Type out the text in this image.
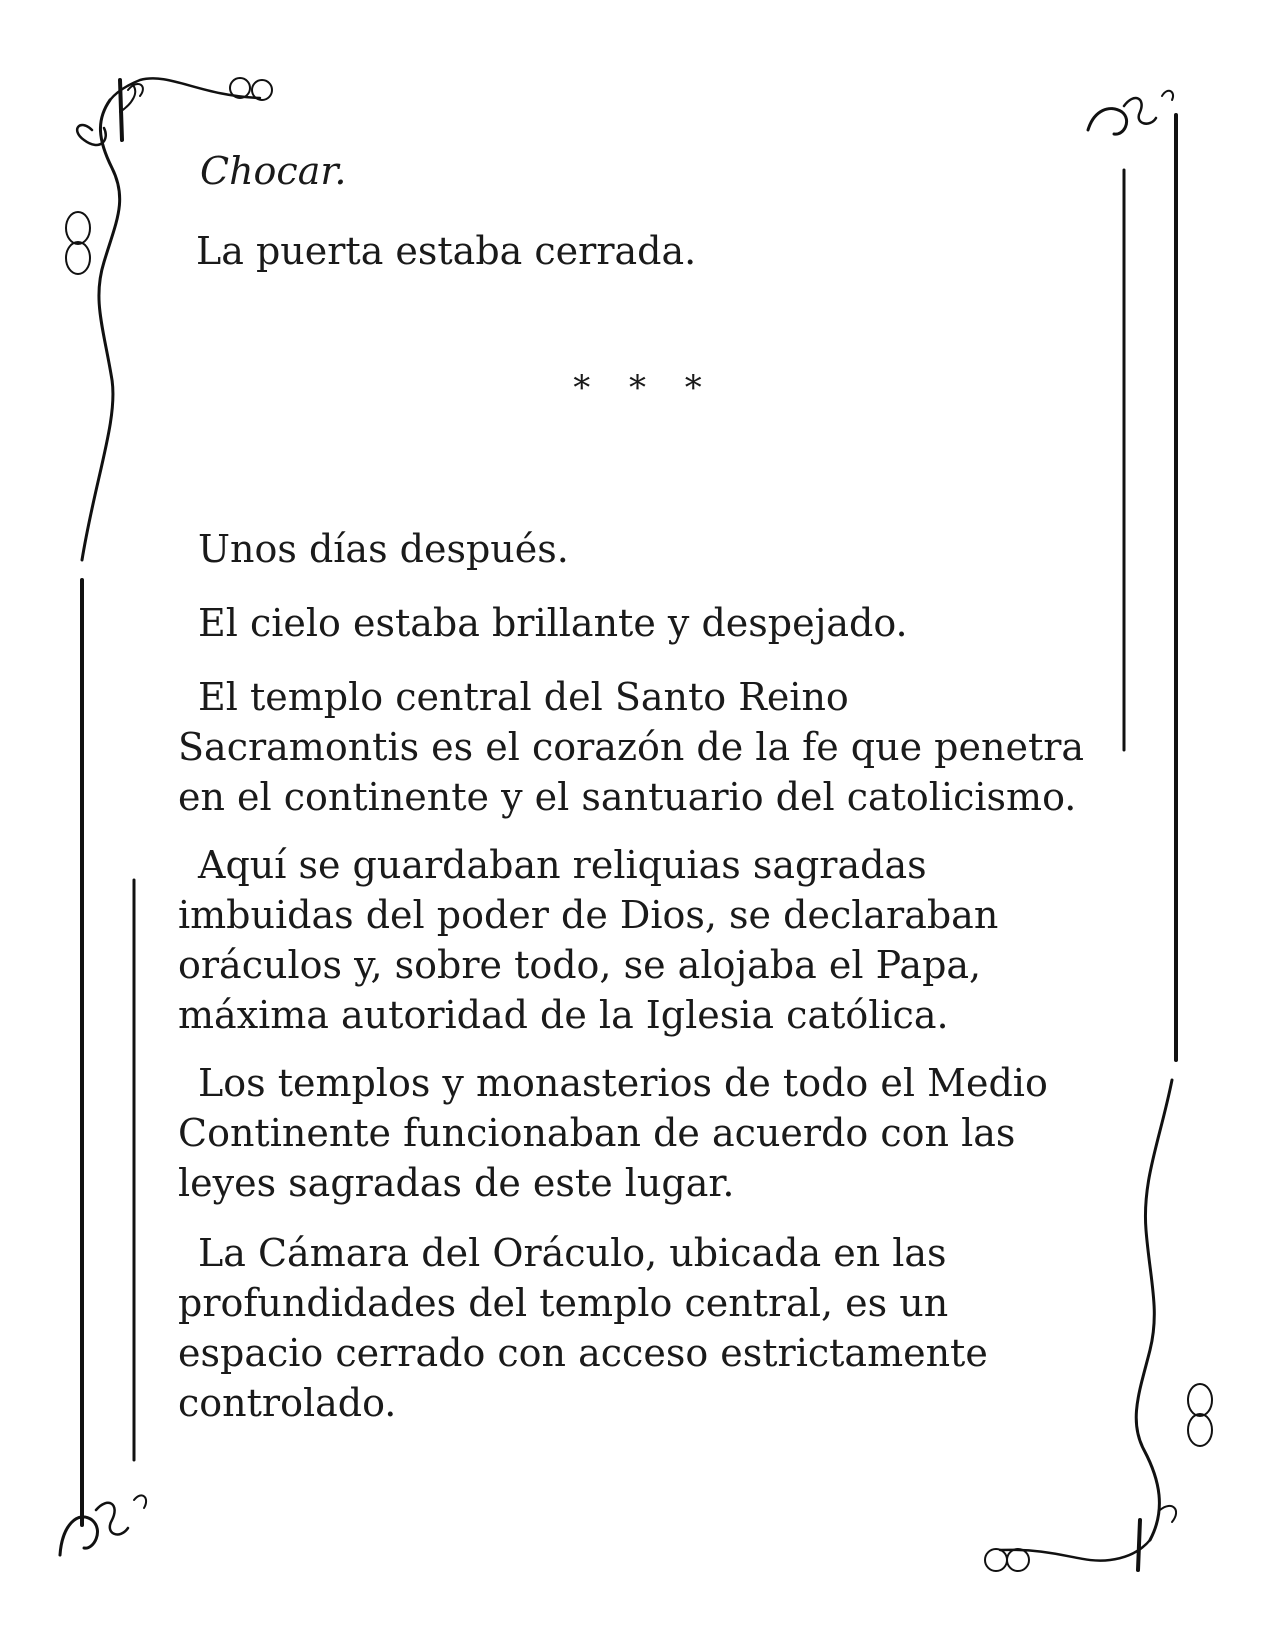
Chocar.

La puerta estaba cerrada.

* * *

Unos días después.

El cielo estaba brillante y despejado.

El templo central del Santo Reino
Sacramontis es el corazón de la fe que penetra
en el continente y el santuario del catolicismo.

Aquí se guardaban reliquias sagradas
imbuidas del poder de Dios, se declaraban
oráculos y, sobre todo, se alojaba el Papa,
máxima autoridad de la Iglesia católica.

Los templos y monasterios de todo el Medio
Continente funcionaban de acuerdo con las
leyes sagradas de este lugar.

La Cámara del Oráculo, ubicada en las
profundidades del templo central, es un
espacio cerrado con acceso estrictamente
controlado.
